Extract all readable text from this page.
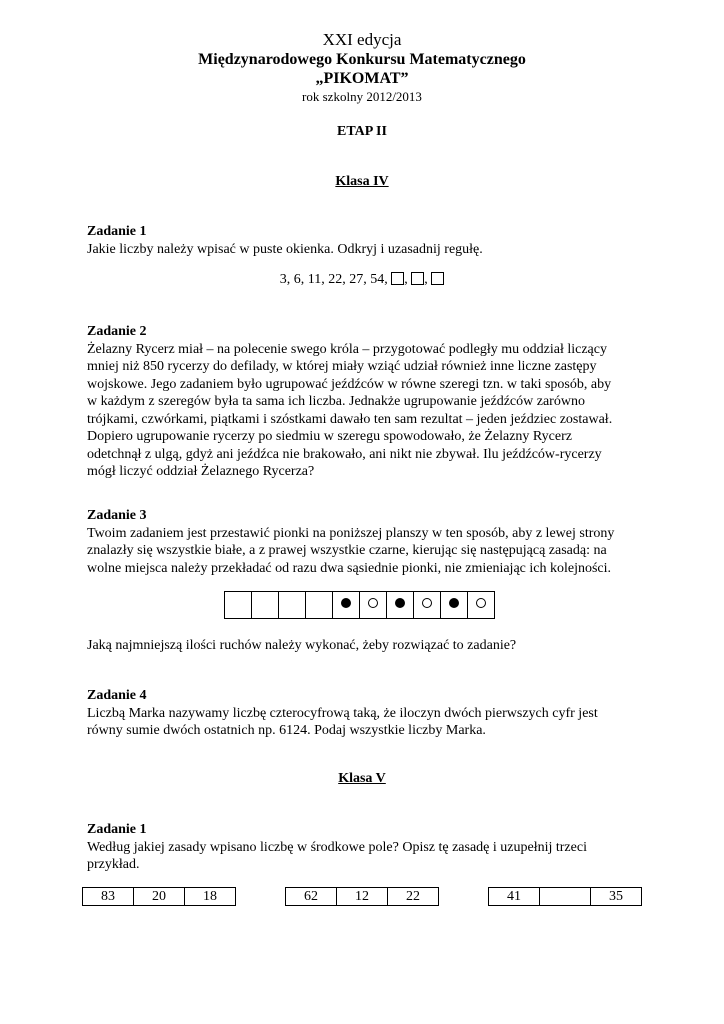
XXI edycja
Międzynarodowego Konkursu Matematycznego
„PIKOMAT”
rok szkolny 2012/2013
ETAP II
Klasa IV
Zadanie 1
Jakie liczby należy wpisać w puste okienka. Odkryj i uzasadnij regułę.
3, 6, 11, 22, 27, 54, , ,
Zadanie 2
Żelazny Rycerz miał – na polecenie swego króla – przygotować podległy mu oddział liczący
mniej niż 850 rycerzy do defilady, w której miały wziąć udział również inne liczne zastępy
wojskowe. Jego zadaniem było ugrupować jeźdźców w równe szeregi tzn. w taki sposób, aby
w każdym z szeregów była ta sama ich liczba. Jednakże ugrupowanie jeźdźców zarówno
trójkami, czwórkami, piątkami i szóstkami dawało ten sam rezultat – jeden jeździec zostawał.
Dopiero ugrupowanie rycerzy po siedmiu w szeregu spowodowało, że Żelazny Rycerz
odetchnął z ulgą, gdyż ani jeźdźca nie brakowało, ani nikt nie zbywał. Ilu jeźdźców-rycerzy
mógł liczyć oddział Żelaznego Rycerza?
Zadanie 3
Twoim zadaniem jest przestawić pionki na poniższej planszy w ten sposób, aby z lewej strony
znalazły się wszystkie białe, a z prawej wszystkie czarne, kierując się następującą zasadą: na
wolne miejsca należy przekładać od razu dwa sąsiednie pionki, nie zmieniając ich kolejności.

Jaką najmniejszą ilości ruchów należy wykonać, żeby rozwiązać to zadanie?
Zadanie 4
Liczbą Marka nazywamy liczbę czterocyfrową taką, że iloczyn dwóch pierwszych cyfr jest
równy sumie dwóch ostatnich np. 6124. Podaj wszystkie liczby Marka.
Klasa V
Zadanie 1
Według jakiej zasady wpisano liczbę w środkowe pole? Opisz tę zasadę i uzupełnij trzeci
przykład.
83	20	18	62	12	22	41		35
